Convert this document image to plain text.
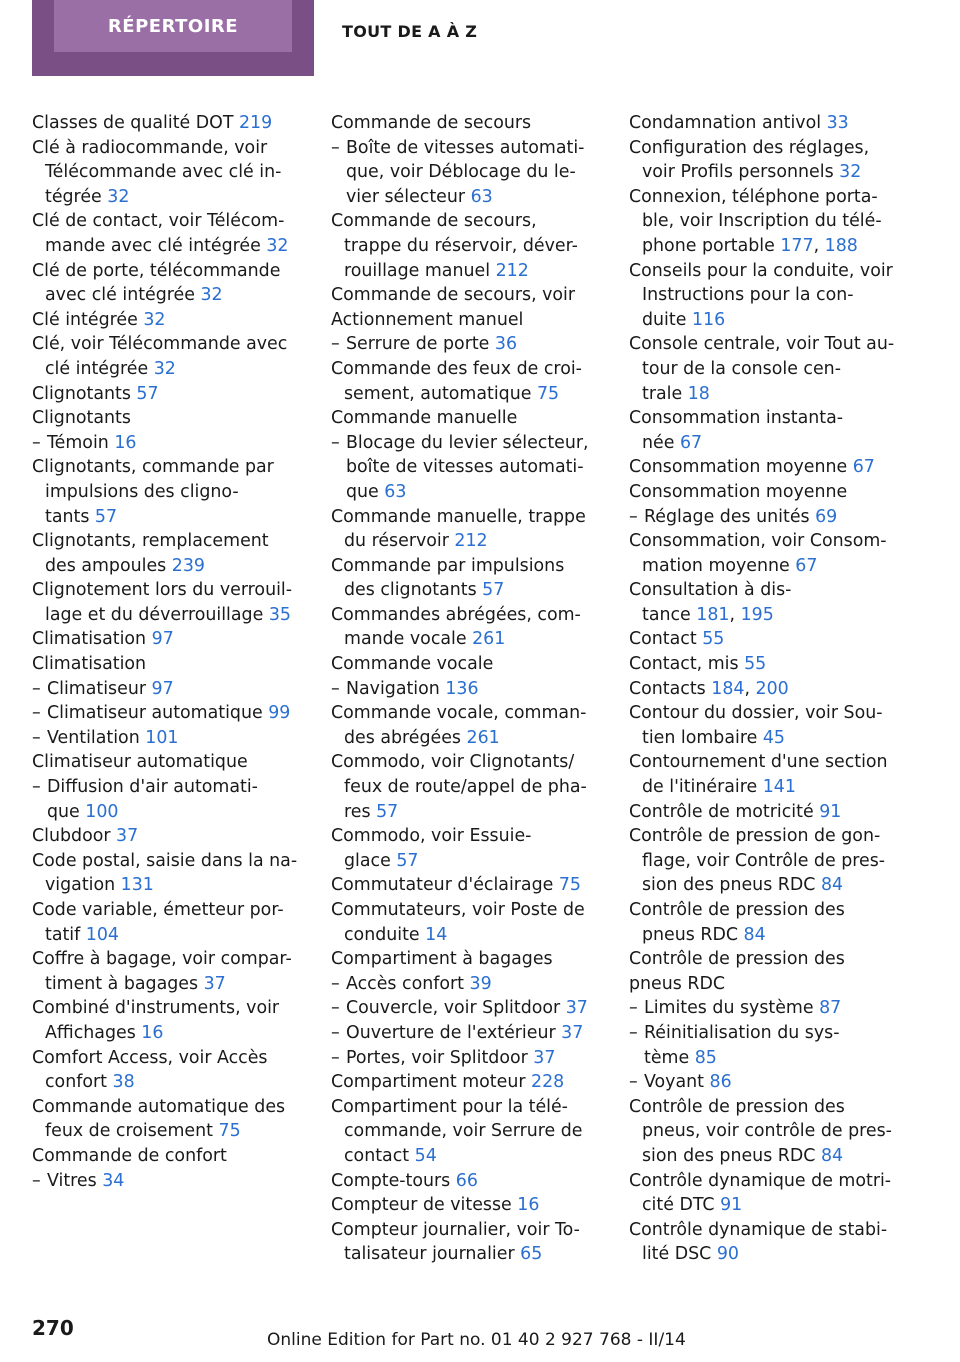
RÉPERTOIRE	TOUT DE A À Z

Classes de qualité DOT 219

Clé à radiocommande, voir
Télécommande avec clé in-
tégrée 32

Clé de contact, voir Télécom-
mande avec clé intégrée 32

Clé de porte, télécommande
avec clé intégrée 32

Clé intégrée 32

Clé, voir Télécommande avec
clé intégrée 32

Clignotants 57

Clignotants

– Témoin 16

Clignotants, commande par
impulsions des cligno-
tants 57

Clignotants, remplacement
des ampoules 239

Clignotement lors du verrouil-
lage et du déverrouillage 35

Climatisation 97

Climatisation

– Climatiseur 97

– Climatiseur automatique 99

– Ventilation 101

Climatiseur automatique

– Diffusion d'air automati-
que 100

Clubdoor 37

Code postal, saisie dans la na-
vigation 131

Code variable, émetteur por-
tatif 104

Coffre à bagage, voir compar-
timent à bagages 37

Combiné d'instruments, voir
Affichages 16

Comfort Access, voir Accès
confort 38

Commande automatique des
feux de croisement 75

Commande de confort

– Vitres 34

Commande de secours

– Boîte de vitesses automati-
que, voir Déblocage du le-
vier sélecteur 63

Commande de secours,
trappe du réservoir, déver-
rouillage manuel 212

Commande de secours, voir

Actionnement manuel

– Serrure de porte 36

Commande des feux de croi-
sement, automatique 75

Commande manuelle

– Blocage du levier sélecteur,
boîte de vitesses automati-
que 63

Commande manuelle, trappe
du réservoir 212

Commande par impulsions
des clignotants 57

Commandes abrégées, com-
mande vocale 261

Commande vocale

– Navigation 136

Commande vocale, comman-
des abrégées 261

Commodo, voir Clignotants/
feux de route/appel de pha-
res 57

Commodo, voir Essuie-
glace 57

Commutateur d'éclairage 75

Commutateurs, voir Poste de
conduite 14

Compartiment à bagages

– Accès confort 39

– Couvercle, voir Splitdoor 37

– Ouverture de l'extérieur 37

– Portes, voir Splitdoor 37

Compartiment moteur 228

Compartiment pour la télé-
commande, voir Serrure de
contact 54

Compte-tours 66

Compteur de vitesse 16

Compteur journalier, voir To-
talisateur journalier 65

Condamnation antivol 33

Configuration des réglages,
voir Profils personnels 32

Connexion, téléphone porta-
ble, voir Inscription du télé-
phone portable 177, 188

Conseils pour la conduite, voir
Instructions pour la con-
duite 116

Console centrale, voir Tout au-
tour de la console cen-
trale 18

Consommation instanta-
née 67

Consommation moyenne 67

Consommation moyenne

– Réglage des unités 69

Consommation, voir Consom-
mation moyenne 67

Consultation à dis-
tance 181, 195

Contact 55

Contact, mis 55

Contacts 184, 200

Contour du dossier, voir Sou-
tien lombaire 45

Contournement d'une section
de l'itinéraire 141

Contrôle de motricité 91

Contrôle de pression de gon-
flage, voir Contrôle de pres-
sion des pneus RDC 84

Contrôle de pression des
pneus RDC 84

Contrôle de pression des

pneus RDC

– Limites du système 87

– Réinitialisation du sys-
tème 85

– Voyant 86

Contrôle de pression des
pneus, voir contrôle de pres-
sion des pneus RDC 84

Contrôle dynamique de motri-
cité DTC 91

Contrôle dynamique de stabi-
lité DSC 90

270	Online Edition for Part no. 01 40 2 927 768 - II/14
